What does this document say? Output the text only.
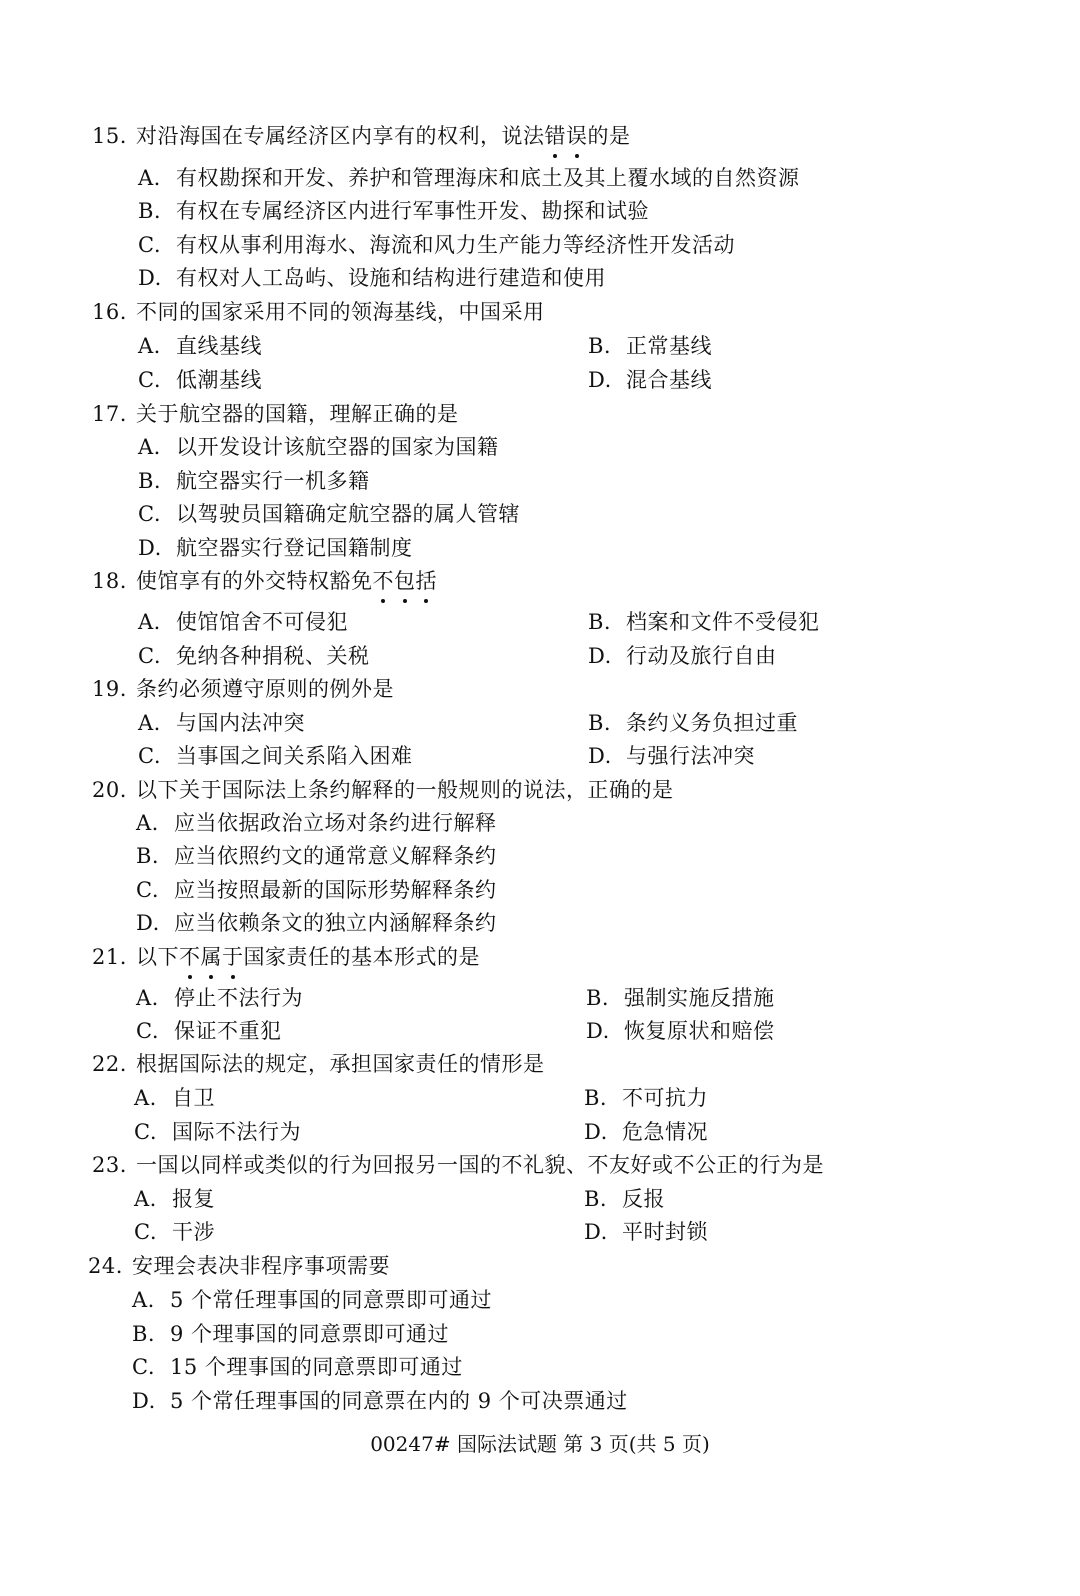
15. 对沿海国在专属经济区内享有的权利，说法错误的是
A. 有权勘探和开发、养护和管理海床和底土及其上覆水域的自然资源
B. 有权在专属经济区内进行军事性开发、勘探和试验
C. 有权从事利用海水、海流和风力生产能力等经济性开发活动
D. 有权对人工岛屿、设施和结构进行建造和使用
16. 不同的国家采用不同的领海基线，中国采用
A. 直线基线	B. 正常基线
C. 低潮基线	D. 混合基线
17. 关于航空器的国籍，理解正确的是
A. 以开发设计该航空器的国家为国籍
B. 航空器实行一机多籍
C. 以驾驶员国籍确定航空器的属人管辖
D. 航空器实行登记国籍制度
18. 使馆享有的外交特权豁免不包括
A. 使馆馆舍不可侵犯	B. 档案和文件不受侵犯
C. 免纳各种捐税、关税	D. 行动及旅行自由
19. 条约必须遵守原则的例外是
A. 与国内法冲突	B. 条约义务负担过重
C. 当事国之间关系陷入困难	D. 与强行法冲突
20. 以下关于国际法上条约解释的一般规则的说法，正确的是
A. 应当依据政治立场对条约进行解释
B. 应当依照约文的通常意义解释条约
C. 应当按照最新的国际形势解释条约
D. 应当依赖条文的独立内涵解释条约
21. 以下不属于国家责任的基本形式的是
A. 停止不法行为	B. 强制实施反措施
C. 保证不重犯	D. 恢复原状和赔偿
22. 根据国际法的规定，承担国家责任的情形是
A. 自卫	B. 不可抗力
C. 国际不法行为	D. 危急情况
23. 一国以同样或类似的行为回报另一国的不礼貌、不友好或不公正的行为是
A. 报复	B. 反报
C. 干涉	D. 平时封锁
24. 安理会表决非程序事项需要
A. 5 个常任理事国的同意票即可通过
B. 9 个理事国的同意票即可通过
C. 15 个理事国的同意票即可通过
D. 5 个常任理事国的同意票在内的 9 个可决票通过
00247# 国际法试题 第 3 页(共 5 页)
